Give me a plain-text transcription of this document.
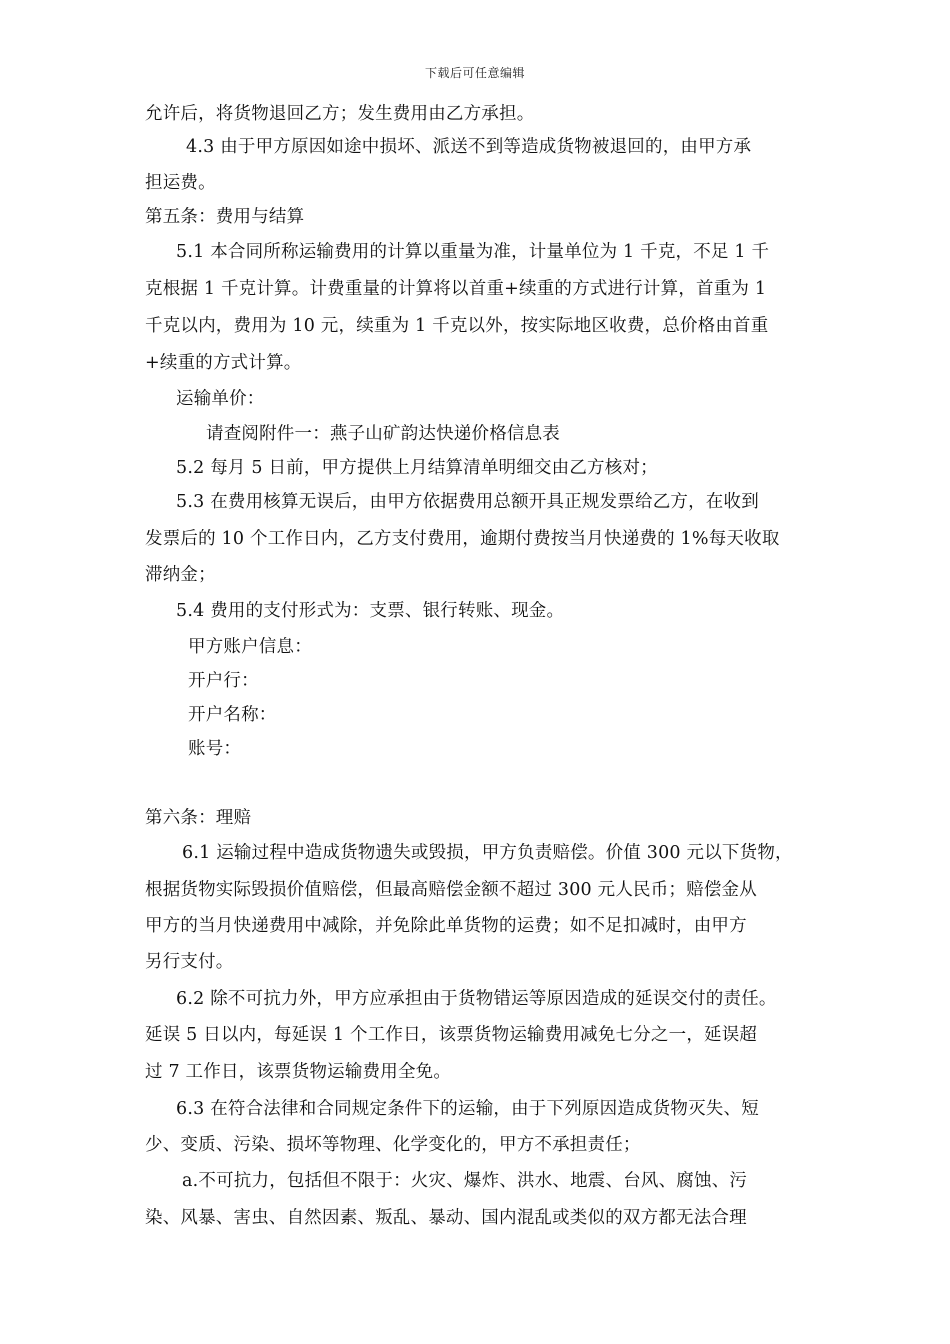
下载后可任意编辑
允许后，将货物退回乙方；发生费用由乙方承担。
4.3 由于甲方原因如途中损坏、派送不到等造成货物被退回的，由甲方承
担运费。
第五条：费用与结算
5.1 本合同所称运输费用的计算以重量为准，计量单位为 1 千克，不足 1 千
克根据 1 千克计算。计费重量的计算将以首重+续重的方式进行计算，首重为 1
千克以内，费用为 10 元，续重为 1 千克以外，按实际地区收费，总价格由首重
+续重的方式计算。
运输单价：
请查阅附件一：燕子山矿韵达快递价格信息表
5.2 每月 5 日前，甲方提供上月结算清单明细交由乙方核对；
5.3 在费用核算无误后，由甲方依据费用总额开具正规发票给乙方，在收到
发票后的 10 个工作日内，乙方支付费用，逾期付费按当月快递费的 1%每天收取
滞纳金；
5.4 费用的支付形式为：支票、银行转账、现金。
甲方账户信息：
开户行：
开户名称：
账号：
第六条：理赔
6.1 运输过程中造成货物遗失或毁损，甲方负责赔偿。价值 300 元以下货物，
根据货物实际毁损价值赔偿，但最高赔偿金额不超过 300 元人民币；赔偿金从
甲方的当月快递费用中减除，并免除此单货物的运费；如不足扣减时，由甲方
另行支付。
6.2 除不可抗力外，甲方应承担由于货物错运等原因造成的延误交付的责任。
延误 5 日以内，每延误 1 个工作日，该票货物运输费用减免七分之一，延误超
过 7 工作日，该票货物运输费用全免。
6.3 在符合法律和合同规定条件下的运输，由于下列原因造成货物灭失、短
少、变质、污染、损坏等物理、化学变化的，甲方不承担责任；
a.不可抗力，包括但不限于：火灾、爆炸、洪水、地震、台风、腐蚀、污
染、风暴、害虫、自然因素、叛乱、暴动、国内混乱或类似的双方都无法合理
